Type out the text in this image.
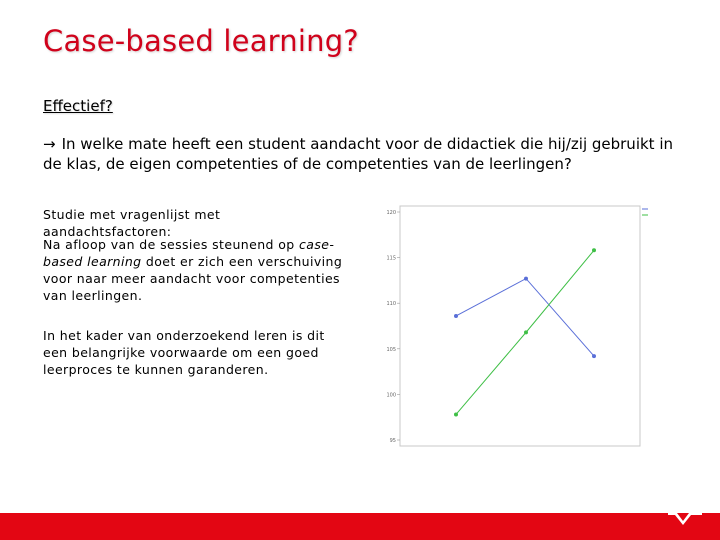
Case-based learning?
Effectief?
→ In welke mate heeft een student aandacht voor de didactiek die hij/zij gebruikt in de klas, de eigen competenties of de competenties van de leerlingen?
Studie met vragenlijst met aandachtsfactoren:
Na afloop van de sessies steunend op case-based learning doet er zich een verschuiving voor naar meer aandacht voor competenties van leerlingen.
In het kader van onderzoekend leren is dit een belangrijke voorwaarde om een goed leerproces te kunnen garanderen.
120
115
110
105
100
95
